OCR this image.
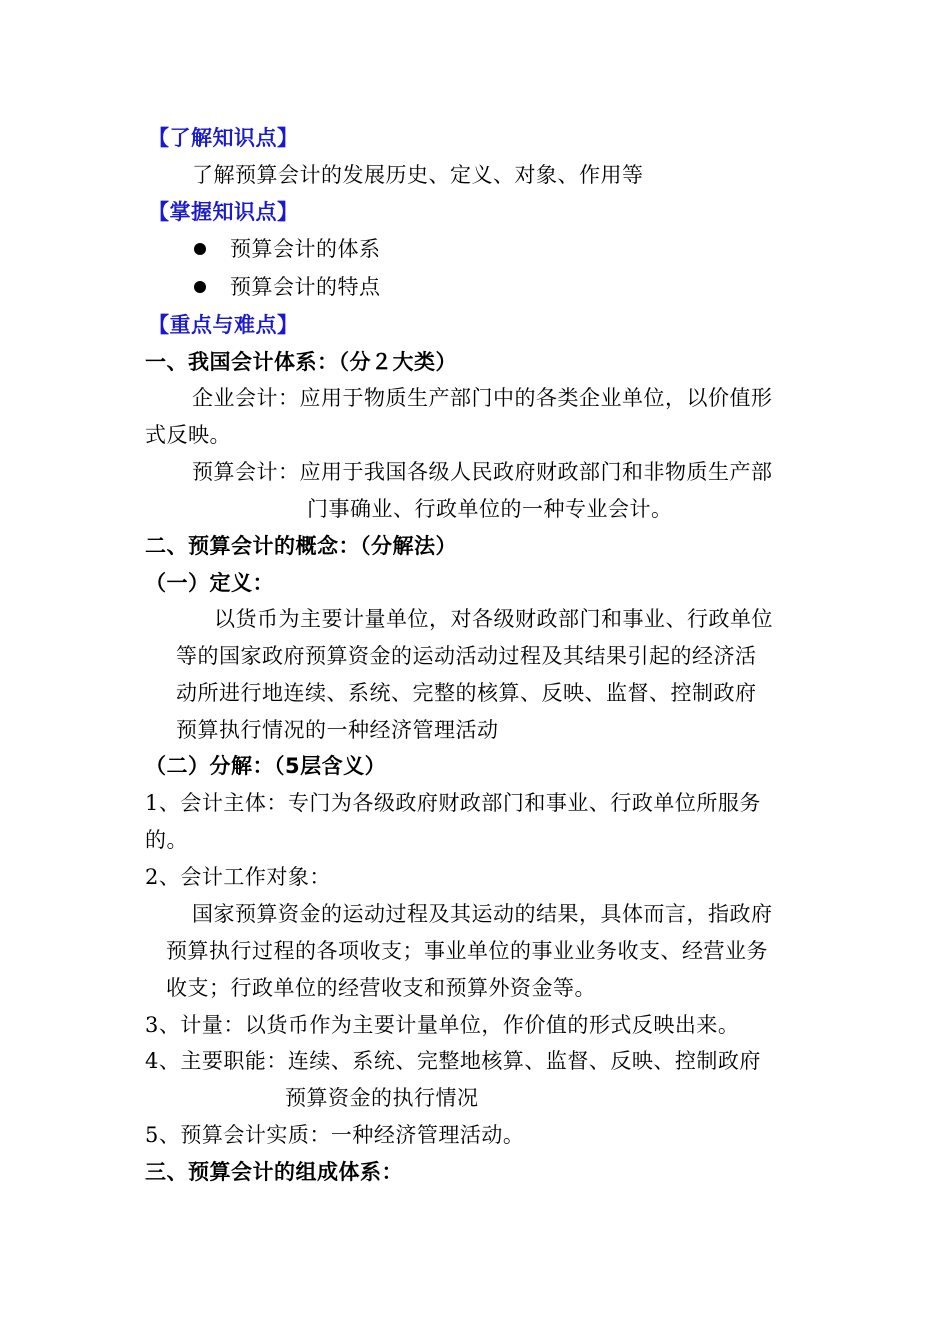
【了解知识点】
了解预算会计的发展历史、定义、对象、作用等
【掌握知识点】
预算会计的体系
预算会计的特点
【重点与难点】
一、我国会计体系：（分２大类）
企业会计：应用于物质生产部门中的各类企业单位，以价值形
式反映。
预算会计：应用于我国各级人民政府财政部门和非物质生产部
门事确业、行政单位的一种专业会计。
二、预算会计的概念：（分解法）
（一）定义：
以货币为主要计量单位，对各级财政部门和事业、行政单位
等的国家政府预算资金的运动活动过程及其结果引起的经济活
动所进行地连续、系统、完整的核算、反映、监督、控制政府
预算执行情况的一种经济管理活动
（二）分解：（5层含义）
1、会计主体：专门为各级政府财政部门和事业、行政单位所服务
的。
2、会计工作对象：
国家预算资金的运动过程及其运动的结果，具体而言，指政府
预算执行过程的各项收支；事业单位的事业业务收支、经营业务
收支；行政单位的经营收支和预算外资金等。
3、计量：以货币作为主要计量单位，作价值的形式反映出来。
4、主要职能：连续、系统、完整地核算、监督、反映、控制政府
预算资金的执行情况
5、预算会计实质：一种经济管理活动。
三、预算会计的组成体系：
